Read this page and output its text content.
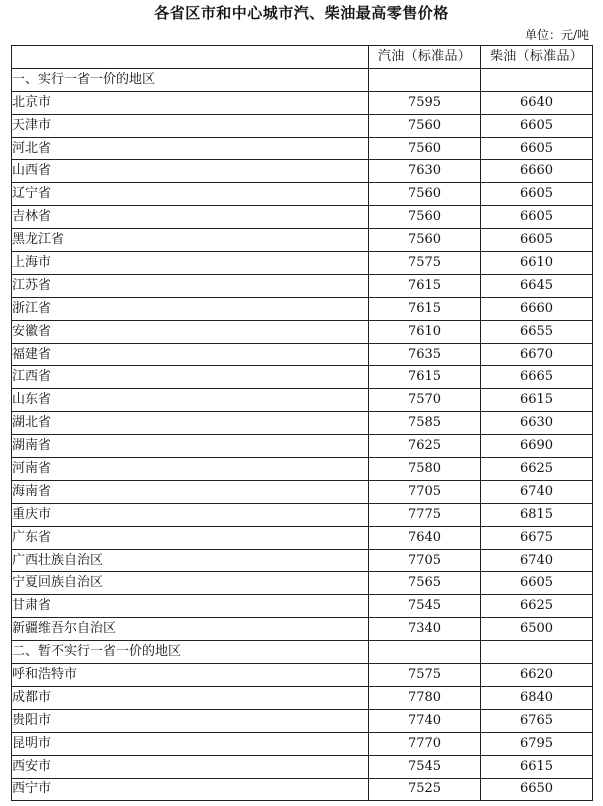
各省区市和中心城市汽、柴油最高零售价格
单位：元/吨
	汽油（标准品）	柴油（标准品）
一、实行一省一价的地区		
北京市	7595	6640
天津市	7560	6605
河北省	7560	6605
山西省	7630	6660
辽宁省	7560	6605
吉林省	7560	6605
黑龙江省	7560	6605
上海市	7575	6610
江苏省	7615	6645
浙江省	7615	6660
安徽省	7610	6655
福建省	7635	6670
江西省	7615	6665
山东省	7570	6615
湖北省	7585	6630
湖南省	7625	6690
河南省	7580	6625
海南省	7705	6740
重庆市	7775	6815
广东省	7640	6675
广西壮族自治区	7705	6740
宁夏回族自治区	7565	6605
甘肃省	7545	6625
新疆维吾尔自治区	7340	6500
二、暂不实行一省一价的地区		
呼和浩特市	7575	6620
成都市	7780	6840
贵阳市	7740	6765
昆明市	7770	6795
西安市	7545	6615
西宁市	7525	6650
